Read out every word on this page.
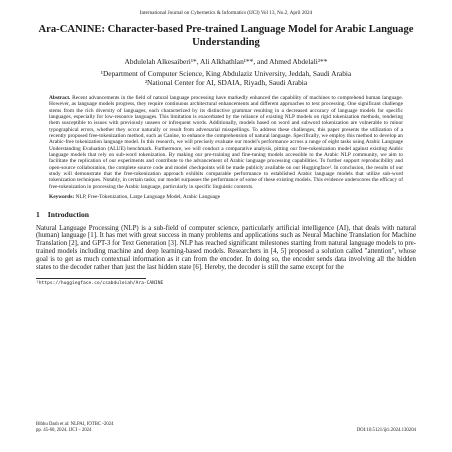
International Journal on Cybernetics & Informatics (IJCI) Vol 13, No.2, April 2024
Ara-CANINE: Character-based Pre-trained Language Model for Arabic Language Understanding
Abdulelah Alkesaiberi¹*, Ali Alkhathlan¹**, and Ahmed Abdelali²**
¹Department of Computer Science, King Abdulaziz University, Jeddah, Saudi Arabia
²National Center for AI, SDAIA, Riyadh, Saudi Arabia
Abstract. Recent advancements in the field of natural language processing have markedly enhanced the capability of machines to comprehend human language. However, as language models progress, they require continuous architectural enhancements and different approaches to text processing. One significant challenge stems from the rich diversity of languages, each characterized by its distinctive grammar resulting in a decreased accuracy of language models for specific languages, especially for low-resource languages. This limitation is exacerbated by the reliance of existing NLP models on rigid tokenization methods, rendering them susceptible to issues with previously unseen or infrequent words. Additionally, models based on word and subword tokenization are vulnerable to minor typographical errors, whether they occur naturally or result from adversarial misspellings. To address these challenges, this paper presents the utilization of a recently proposed free-tokenization method, such as Canine, to enhance the comprehension of natural language. Specifically, we employ this method to develop an Arabic-free tokenization language model. In this research, we will precisely evaluate our model's performance across a range of eight tasks using Arabic Language Understanding Evaluation (ALUE) benchmark. Furthermore, we will conduct a comparative analysis, pitting our free-tokenization model against existing Arabic language models that rely on sub-word tokenization. By making our pre-training and fine-tuning models accessible to the Arabic NLP community, we aim to facilitate the replication of our experiments and contribute to the advancement of Arabic language processing capabilities. To further support reproducibility and open-source collaboration, the complete source code and model checkpoints will be made publicly available on our Huggingface¹. In conclusion, the results of our study will demonstrate that the free-tokenization approach exhibits comparable performance to established Arabic language models that utilize sub-word tokenization techniques. Notably, in certain tasks, our model surpasses the performance of some of these existing models. This evidence underscores the efficacy of free-tokenization in processing the Arabic language, particularly in specific linguistic contexts.
Keywords: NLP, Free-Tokenization, Large Language Model, Arabic Language
1 Introduction
Natural Language Processing (NLP) is a sub-field of computer science, particularly artificial intelligence (AI), that deals with natural (human) language [1]. It has met with great success in many problems and applications such as Neural Machine Translation for Machine Translation [2], and GPT-3 for Text Generation [3]. NLP has reached significant milestones starting from natural language models to pre-trained models including machine and deep learning-based models. Researchers in [4, 5] proposed a solution called "attention", whose goal is to get as much contextual information as it can from the encoder. In doing so, the encoder sends data involving all the hidden states to the decoder rather than just the last hidden state [6]. Hereby, the decoder is still the same except for the
¹https://huggingface.co/csabduleiah/Ara-CANINE
Bibhu Dash et al: NLPAI, IOTBC -2024
pp. 45-60, 2024. IJCI – 2024	DOI:10.5121/ijci.2024.130204
